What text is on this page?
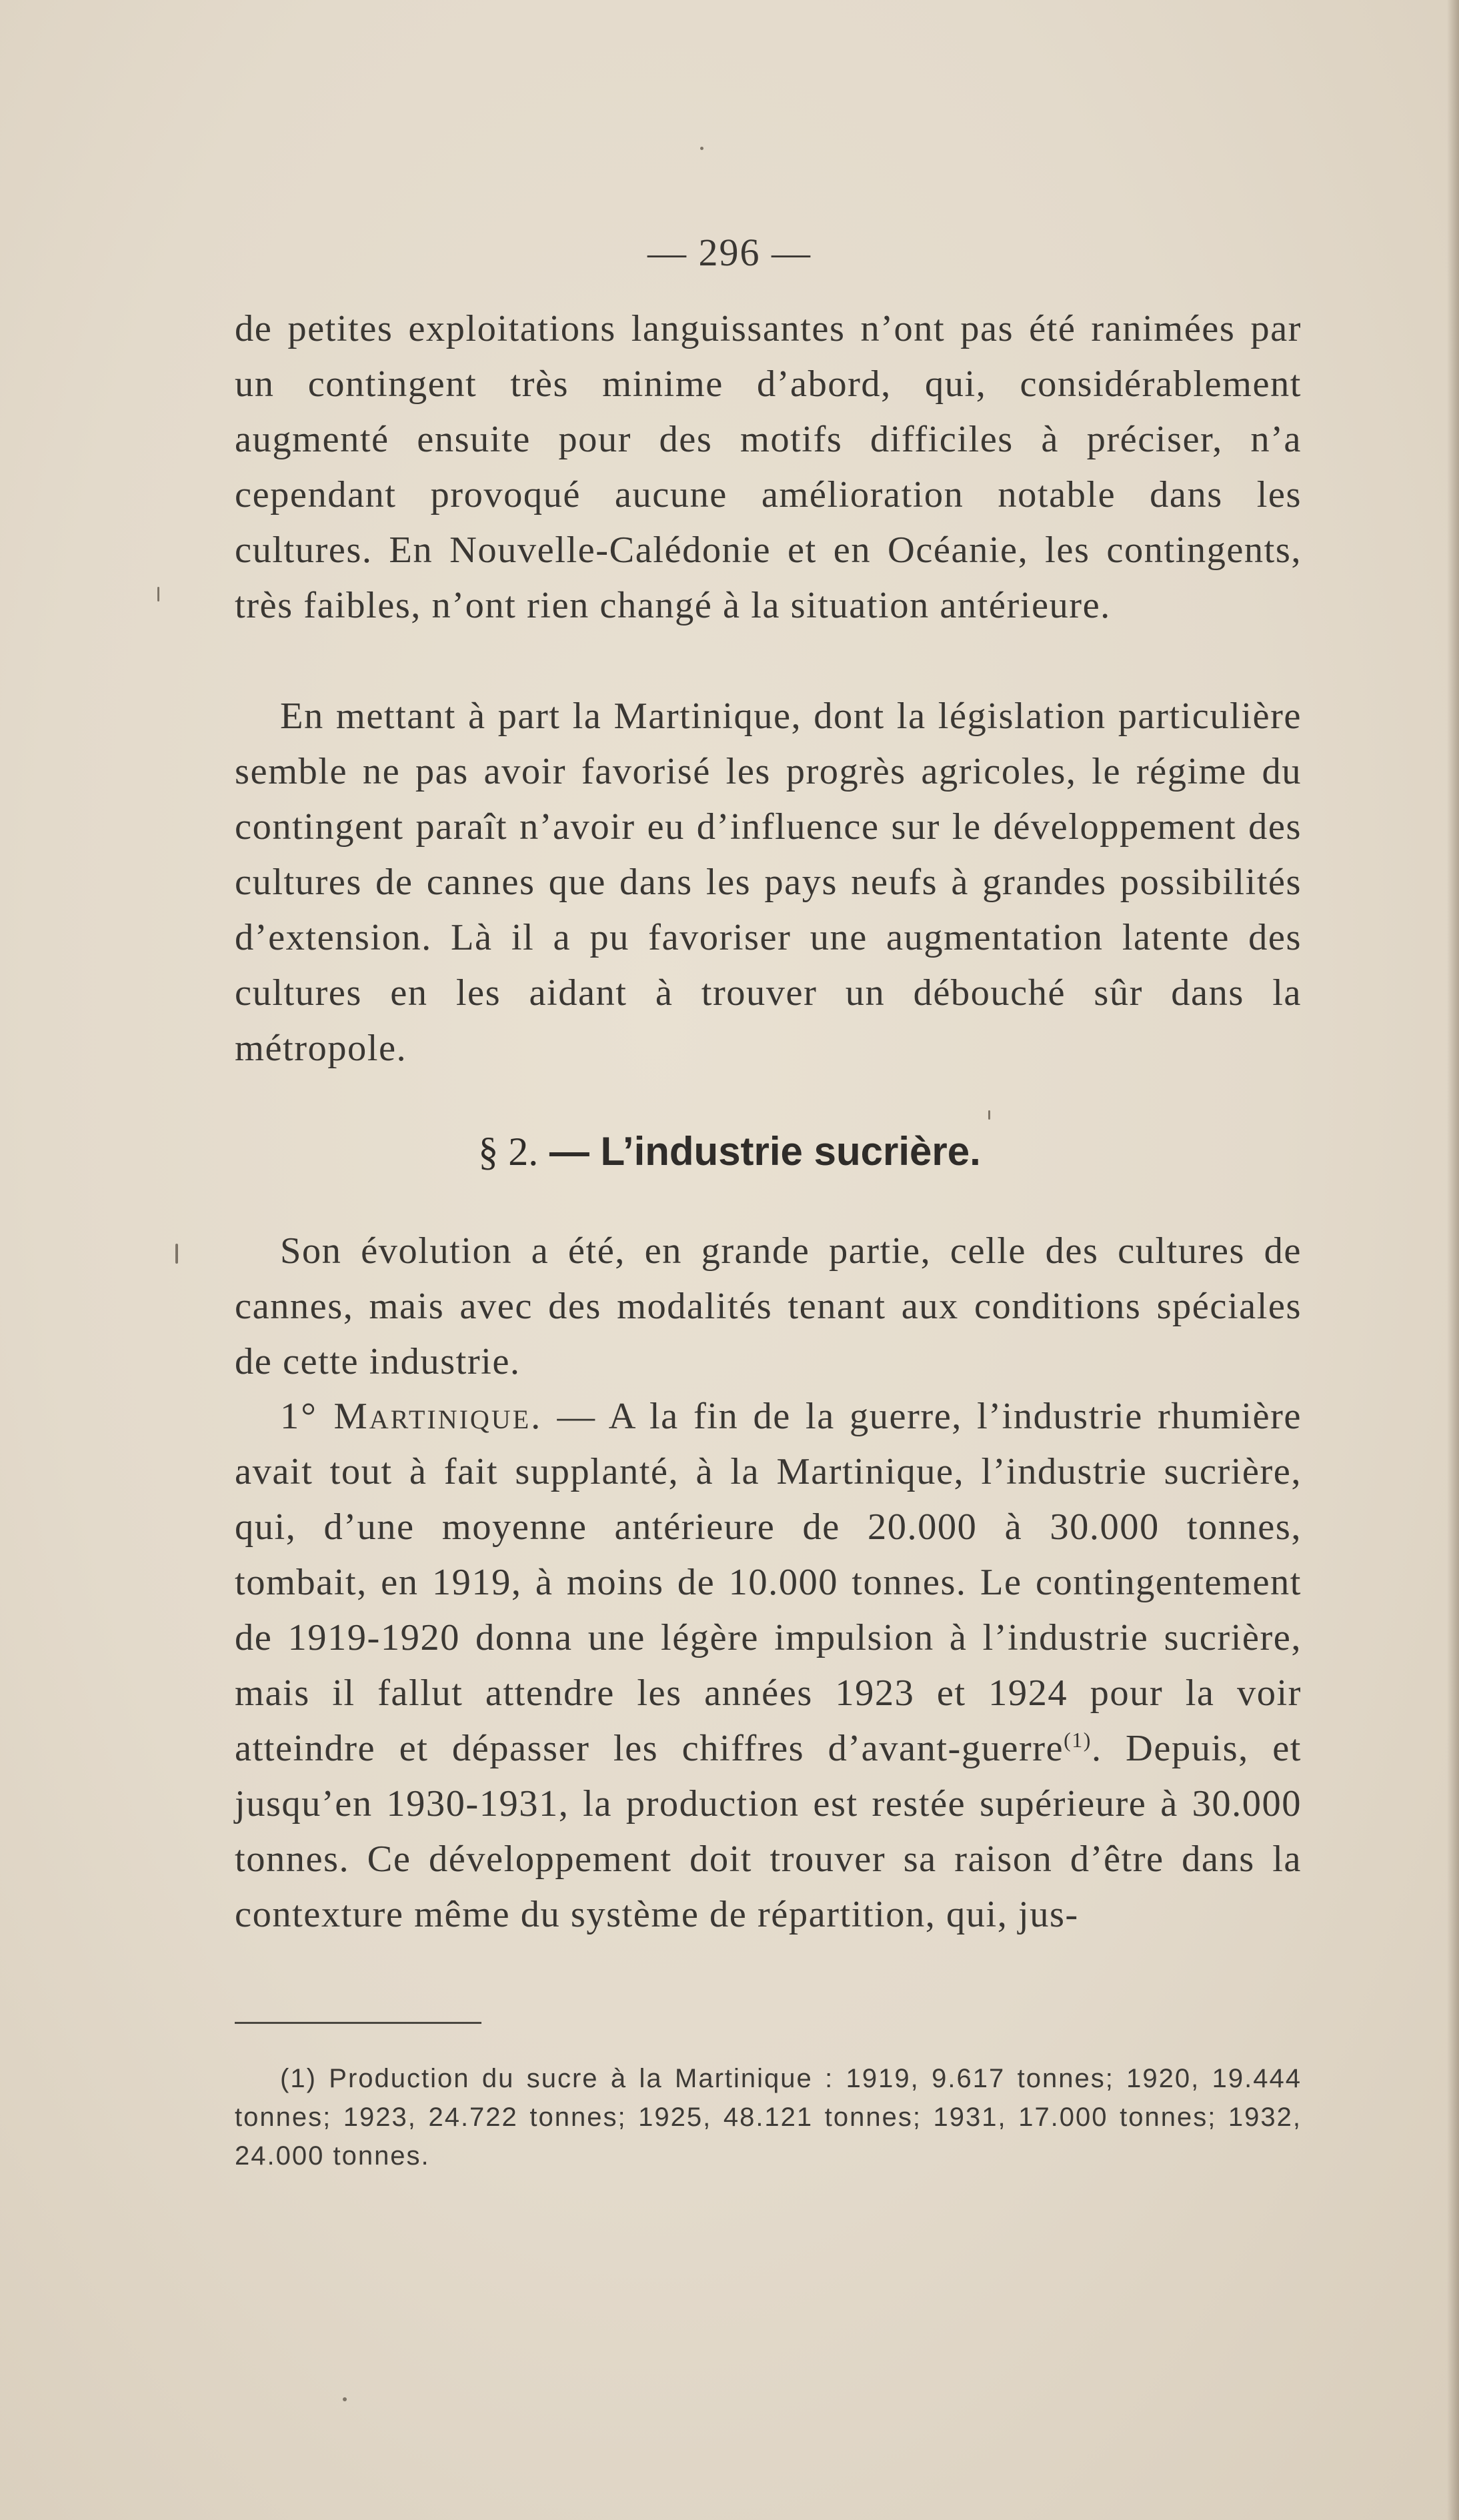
— 296 —

de petites exploitations languissantes n’ont pas été ranimées par un contingent très minime d’abord, qui, considérablement augmenté ensuite pour des motifs difficiles à préciser, n’a cependant provoqué aucune amélioration notable dans les cultures. En Nouvelle-Calédonie et en Océanie, les contingents, très faibles, n’ont rien changé à la situation antérieure.

En mettant à part la Martinique, dont la législation particulière semble ne pas avoir favorisé les progrès agricoles, le régime du contingent paraît n’avoir eu d’influence sur le développement des cultures de cannes que dans les pays neufs à grandes possibilités d’extension. Là il a pu favoriser une augmentation latente des cultures en les aidant à trouver un débouché sûr dans la métropole.

§ 2. — L’industrie sucrière.

Son évolution a été, en grande partie, celle des cultures de cannes, mais avec des modalités tenant aux conditions spéciales de cette industrie.

1° Martinique. — A la fin de la guerre, l’industrie rhumière avait tout à fait supplanté, à la Martinique, l’industrie sucrière, qui, d’une moyenne antérieure de 20.000 à 30.000 tonnes, tombait, en 1919, à moins de 10.000 tonnes. Le contingentement de 1919-1920 donna une légère impulsion à l’industrie sucrière, mais il fallut attendre les années 1923 et 1924 pour la voir atteindre et dépasser les chiffres d’avant-guerre$^{(1)}$. Depuis, et jusqu’en 1930-1931, la production est restée supérieure à 30.000 tonnes. Ce développement doit trouver sa raison d’être dans la contexture même du système de répartition, qui, jus-

(1) Production du sucre à la Martinique : 1919, 9.617 tonnes; 1920, 19.444 tonnes; 1923, 24.722 tonnes; 1925, 48.121 tonnes; 1931, 17.000 tonnes; 1932, 24.000 tonnes.
